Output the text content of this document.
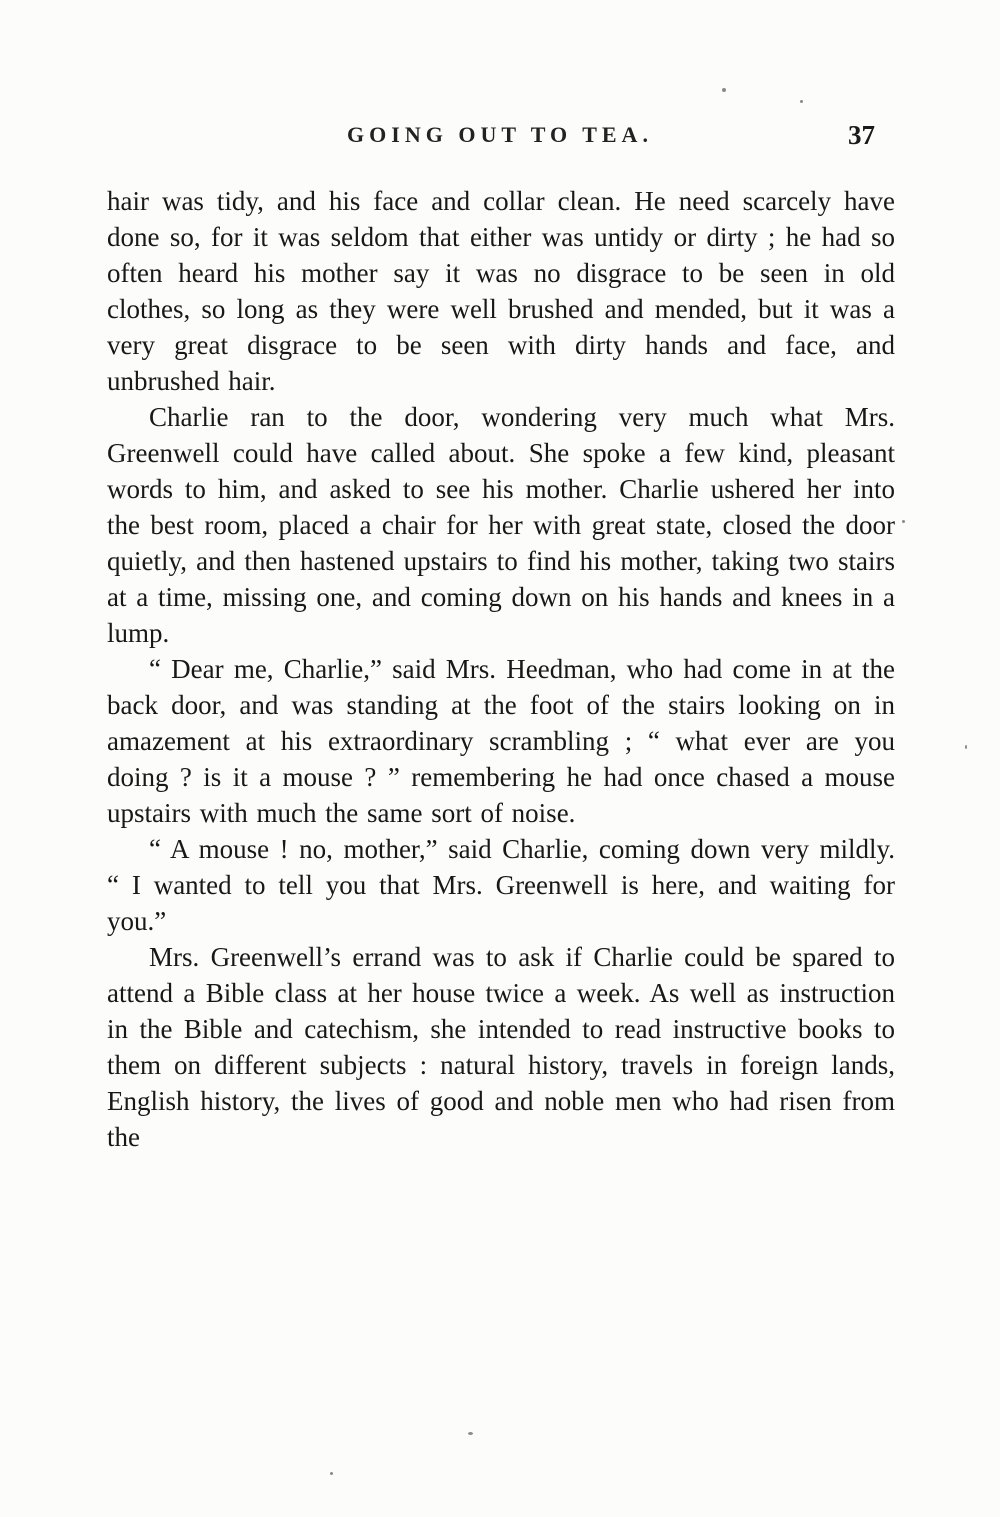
GOING OUT TO TEA.	37

hair was tidy, and his face and collar clean. He need scarcely have done so, for it was seldom that either was untidy or dirty ; he had so often heard his mother say it was no disgrace to be seen in old clothes, so long as they were well brushed and mended, but it was a very great disgrace to be seen with dirty hands and face, and unbrushed hair.

Charlie ran to the door, wondering very much what Mrs. Greenwell could have called about. She spoke a few kind, pleasant words to him, and asked to see his mother. Charlie ushered her into the best room, placed a chair for her with great state, closed the door quietly, and then hastened upstairs to find his mother, taking two stairs at a time, missing one, and coming down on his hands and knees in a lump.

“ Dear me, Charlie,” said Mrs. Heedman, who had come in at the back door, and was standing at the foot of the stairs looking on in amazement at his extraordinary scrambling ; “ what ever are you doing ? is it a mouse ? ” remembering he had once chased a mouse upstairs with much the same sort of noise.

“ A mouse ! no, mother,” said Charlie, coming down very mildly. “ I wanted to tell you that Mrs. Greenwell is here, and waiting for you.”

Mrs. Greenwell’s errand was to ask if Charlie could be spared to attend a Bible class at her house twice a week. As well as instruction in the Bible and catechism, she intended to read instructive books to them on different subjects : natural history, travels in foreign lands, English history, the lives of good and noble men who had risen from the
